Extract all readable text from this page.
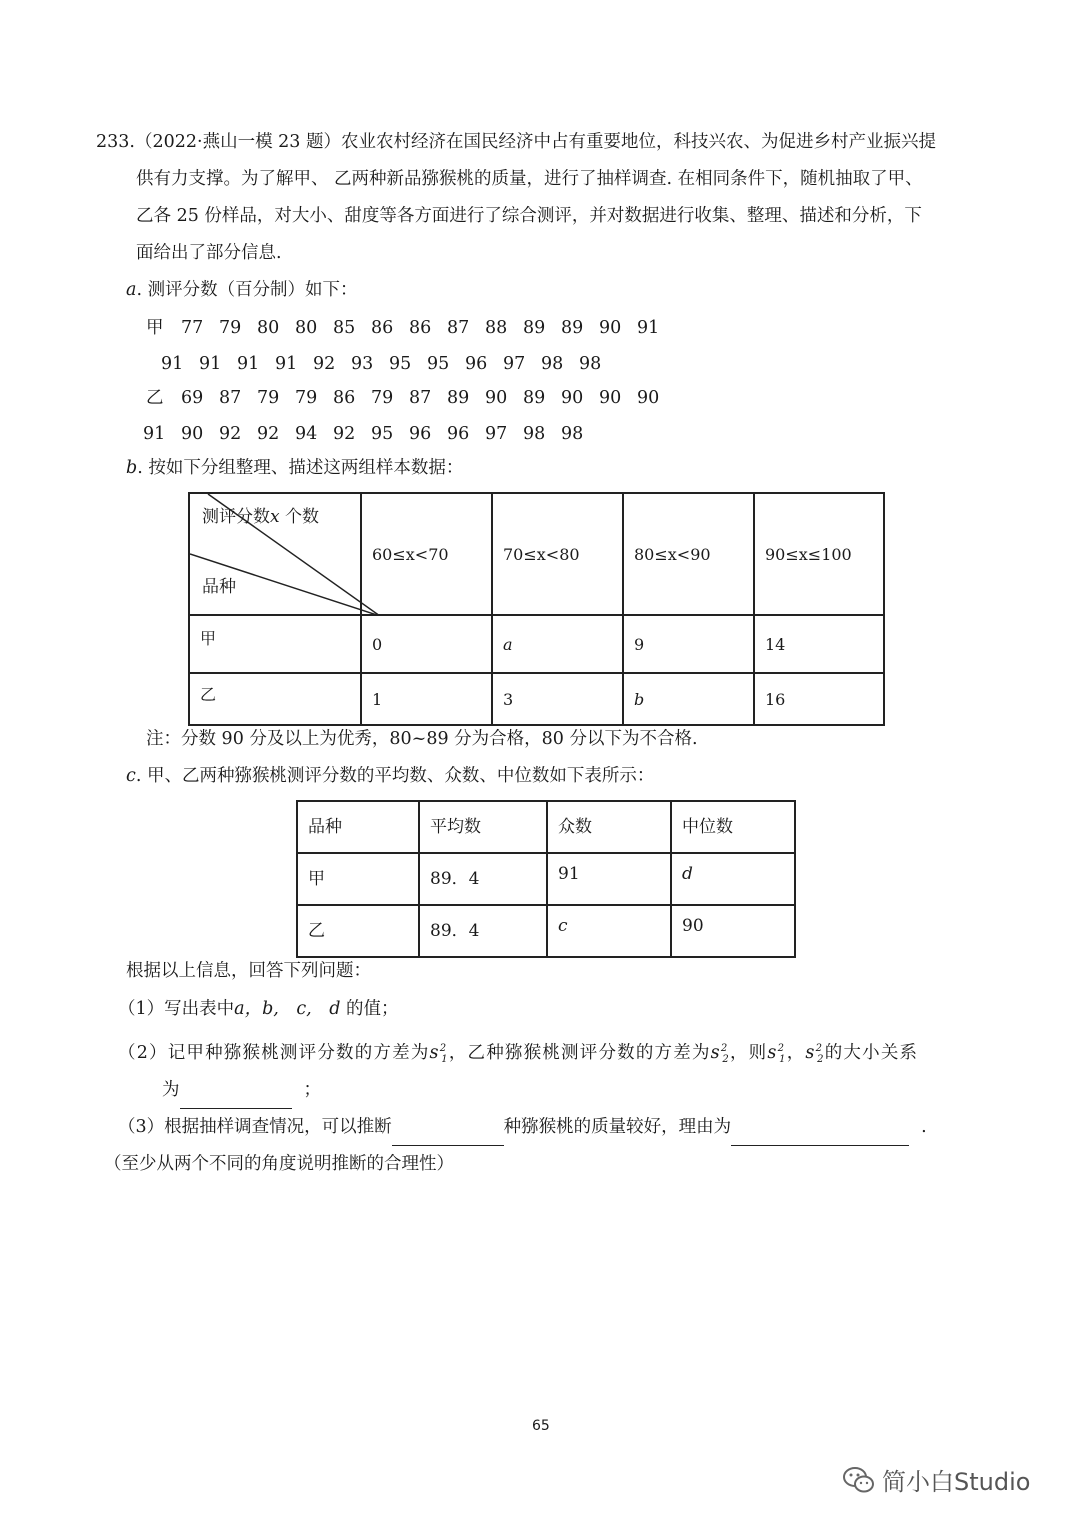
233.（2022·燕山一模 23 题）农业农村经济在国民经济中占有重要地位，科技兴农、为促进乡村产业振兴提
供有力支撑。为了解甲、 乙两种新品猕猴桃的质量，进行了抽样调查. 在相同条件下，随机抽取了甲、
乙各 25 份样品，对大小、甜度等各方面进行了综合测评，并对数据进行收集、整理、描述和分析，下
面给出了部分信息.
a. 测评分数（百分制）如下：
甲 77 79 80 80 85 86 86 87 88 89 89 90 91
91 91 91 91 92 93 95 95 96 97 98 98
乙 69 87 79 79 86 79 87 89 90 89 90 90 90
91 90 92 92 94 92 95 96 96 97 98 98
b. 按如下分组整理、描述这两组样本数据：
测评分数x 个数
品种	60≤x<70	70≤x<80	80≤x<90	90≤x≤100
甲	0	a	9	14
乙	1	3	b	16
注：分数 90 分及以上为优秀，80~89 分为合格，80 分以下为不合格.
c. 甲、乙两种猕猴桃测评分数的平均数、众数、中位数如下表所示：
品种	平均数	众数	中位数
甲	89．4	91	d
乙	89．4	c	90
根据以上信息，回答下列问题：
（1）写出表中a，b,　c,　d 的值；
（2）记甲种猕猴桃测评分数的方差为$s^2_1$，乙种猕猴桃测评分数的方差为$s^2_2$，则$s^2_1$，$s^2_2$的大小关系
为	；
（3）根据抽样调查情况，可以推断	种猕猴桃的质量较好，理由为	.
（至少从两个不同的角度说明推断的合理性）
65
简小白Studio
